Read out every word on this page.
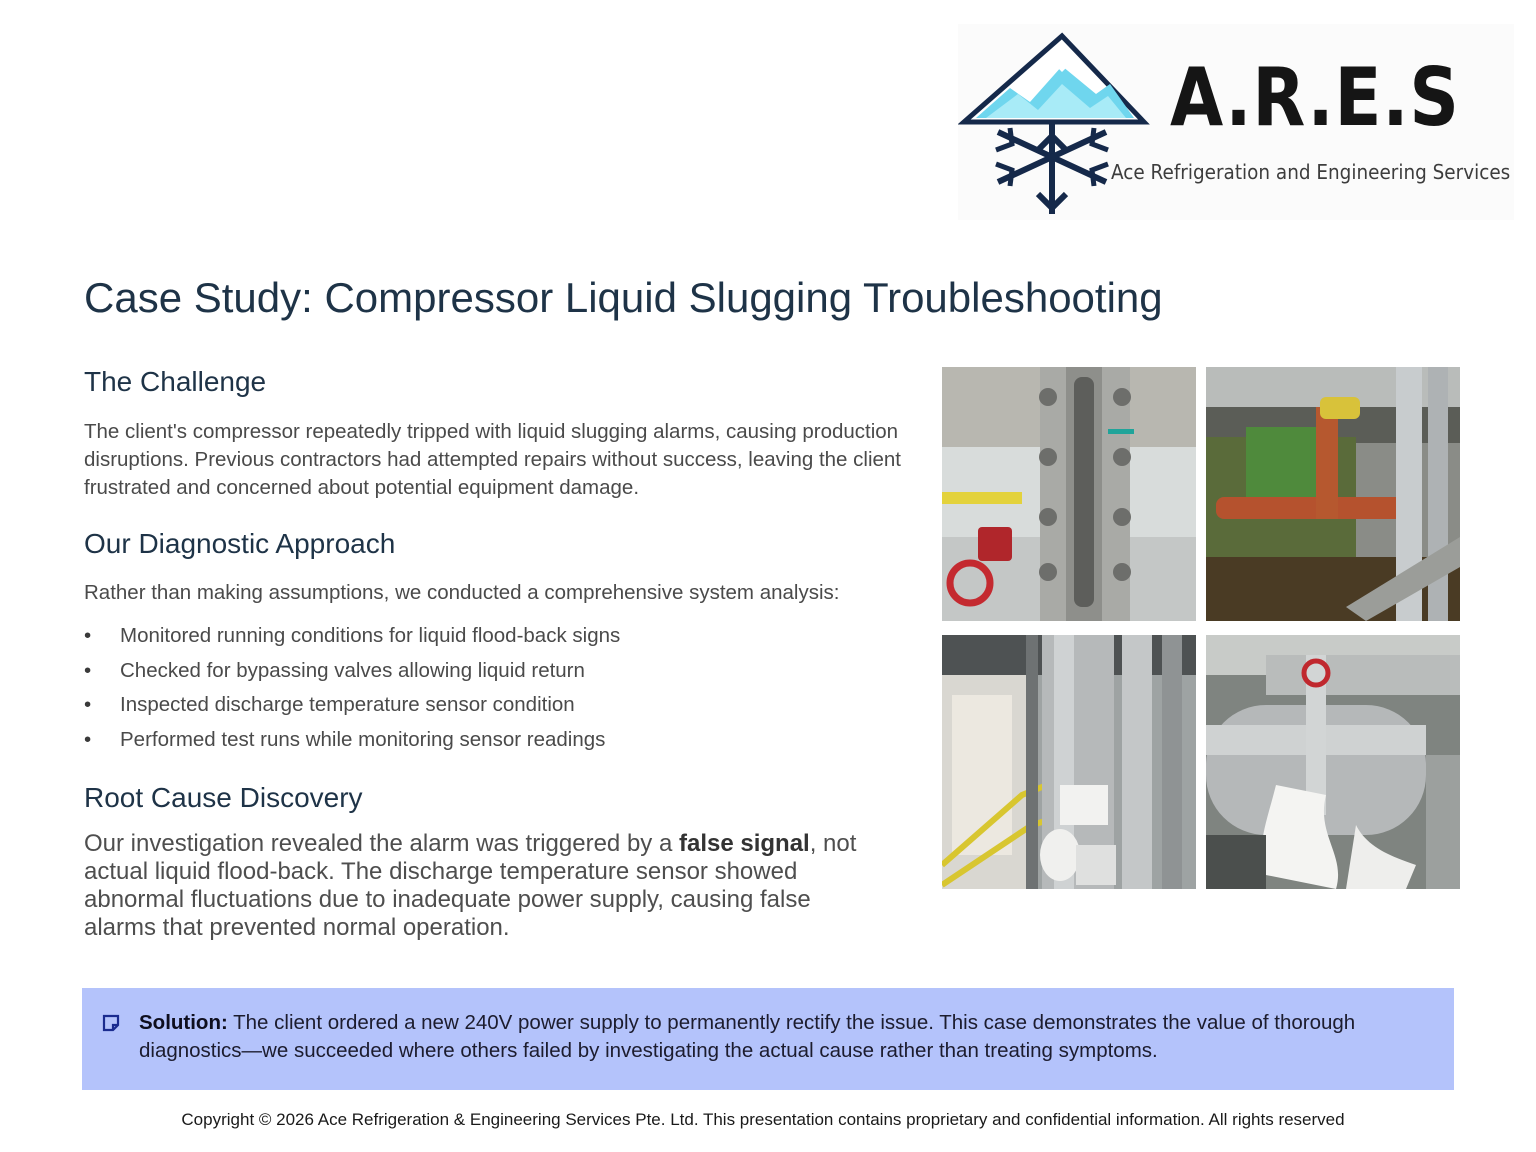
A.R.E.S
Ace Refrigeration and Engineering Services
Case Study: Compressor Liquid Slugging Troubleshooting
The Challenge
The client's compressor repeatedly tripped with liquid slugging alarms, causing production disruptions. Previous contractors had attempted repairs without success, leaving the client frustrated and concerned about potential equipment damage.
Our Diagnostic Approach
Rather than making assumptions, we conducted a comprehensive system analysis:
• Monitored running conditions for liquid flood-back signs
• Checked for bypassing valves allowing liquid return
• Inspected discharge temperature sensor condition
• Performed test runs while monitoring sensor readings
Root Cause Discovery
Our investigation revealed the alarm was triggered by a false signal, not actual liquid flood-back. The discharge temperature sensor showed abnormal fluctuations due to inadequate power supply, causing false alarms that prevented normal operation.
Solution: The client ordered a new 240V power supply to permanently rectify the issue. This case demonstrates the value of thorough diagnostics—we succeeded where others failed by investigating the actual cause rather than treating symptoms.
Copyright © 2026 Ace Refrigeration & Engineering Services Pte. Ltd. This presentation contains proprietary and confidential information. All rights reserved
